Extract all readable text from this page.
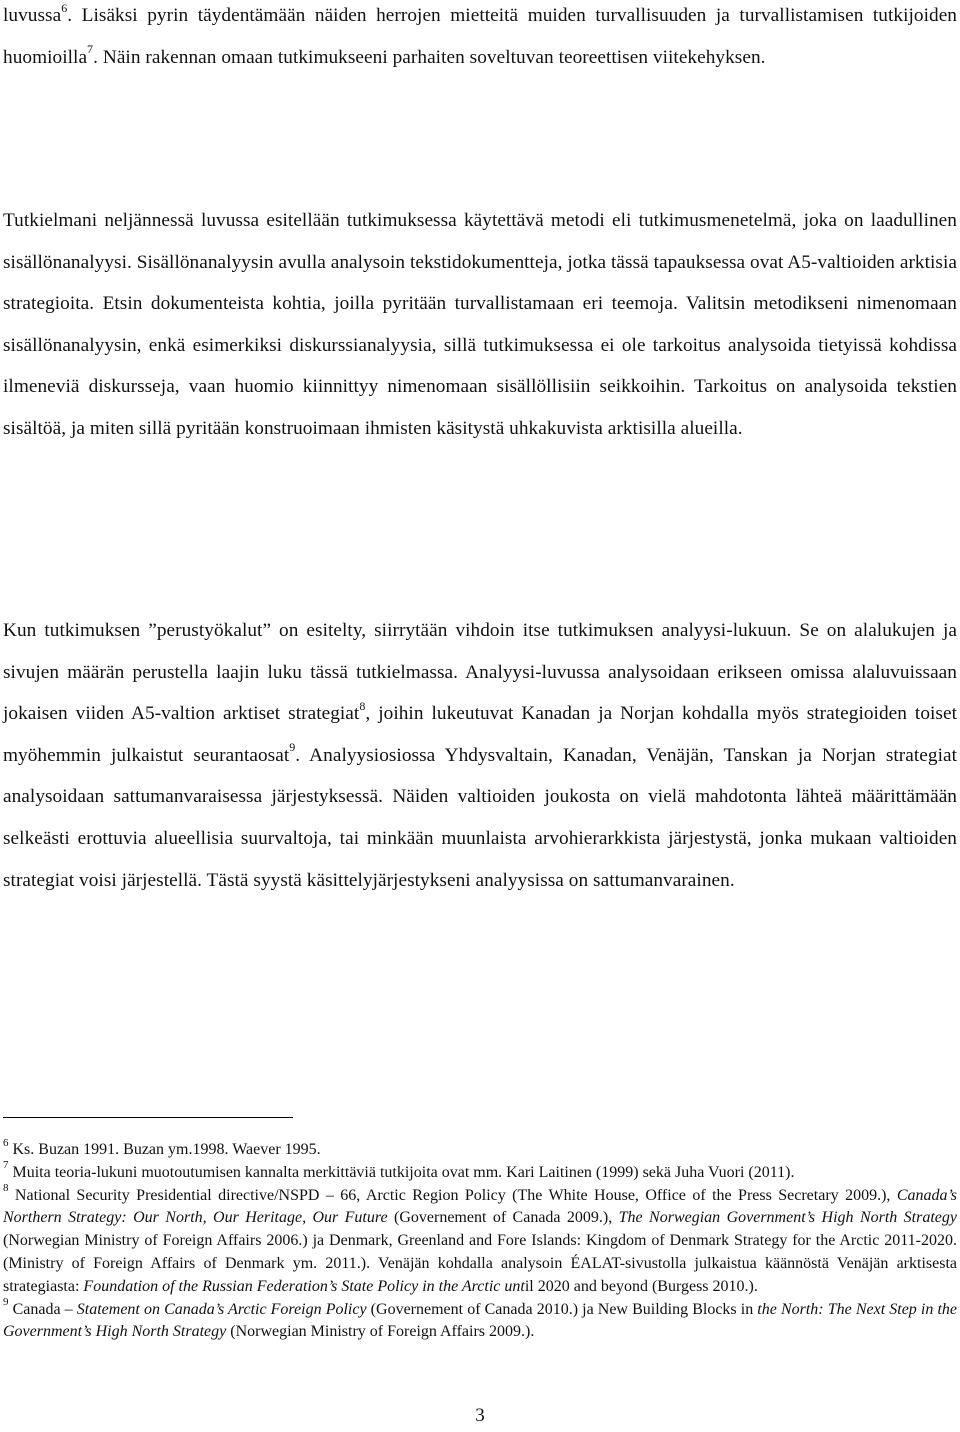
luvussa$^6$. Lisäksi pyrin täydentämään näiden herrojen mietteitä muiden turvallisuuden ja turvallistamisen tutkijoiden huomioilla$^7$. Näin rakennan omaan tutkimukseeni parhaiten soveltuvan teoreettisen viitekehyksen.
Tutkielmani neljännessä luvussa esitellään tutkimuksessa käytettävä metodi eli tutkimusmenetelmä, joka on laadullinen sisällönanalyysi. Sisällönanalyysin avulla analysoin tekstidokumentteja, jotka tässä tapauksessa ovat A5-valtioiden arktisia strategioita. Etsin dokumenteista kohtia, joilla pyritään turvallistamaan eri teemoja. Valitsin metodikseni nimenomaan sisällönanalyysin, enkä esimerkiksi diskurssianalyysia, sillä tutkimuksessa ei ole tarkoitus analysoida tietyissä kohdissa ilmeneviä diskursseja, vaan huomio kiinnittyy nimenomaan sisällöllisiin seikkoihin. Tarkoitus on analysoida tekstien sisältöä, ja miten sillä pyritään konstruoimaan ihmisten käsitystä uhkakuvista arktisilla alueilla.
Kun tutkimuksen ”perustyökalut” on esitelty, siirrytään vihdoin itse tutkimuksen analyysi-lukuun. Se on alalukujen ja sivujen määrän perustella laajin luku tässä tutkielmassa. Analyysi-luvussa analysoidaan erikseen omissa alaluvuissaan jokaisen viiden A5-valtion arktiset strategiat$^8$, joihin lukeutuvat Kanadan ja Norjan kohdalla myös strategioiden toiset myöhemmin julkaistut seurantaosat$^9$. Analyysiosiossa Yhdysvaltain, Kanadan, Venäjän, Tanskan ja Norjan strategiat analysoidaan sattumanvaraisessa järjestyksessä. Näiden valtioiden joukosta on vielä mahdotonta lähteä määrittämään selkeästi erottuvia alueellisia suurvaltoja, tai minkään muunlaista arvohierarkkista järjestystä, jonka mukaan valtioiden strategiat voisi järjestellä. Tästä syystä käsittelyjärjestykseni analyysissa on sattumanvarainen.

$^6$ Ks. Buzan 1991. Buzan ym.1998. Waever 1995.

$^7$ Muita teoria-lukuni muotoutumisen kannalta merkittäviä tutkijoita ovat mm. Kari Laitinen (1999) sekä Juha Vuori (2011).

$^8$ National Security Presidential directive/NSPD – 66, Arctic Region Policy (The White House, Office of the Press Secretary 2009.), Canada’s Northern Strategy: Our North, Our Heritage, Our Future (Governement of Canada 2009.), The Norwegian Government’s High North Strategy (Norwegian Ministry of Foreign Affairs 2006.) ja Denmark, Greenland and Fore Islands: Kingdom of Denmark Strategy for the Arctic 2011-2020.(Ministry of Foreign Affairs of Denmark ym. 2011.). Venäjän kohdalla analysoin ÉALAT-sivustolla julkaistua käännöstä Venäjän arktisesta strategiasta: Foundation of the Russian Federation’s State Policy in the Arctic until 2020 and beyond (Burgess 2010.).

$^9$ Canada – Statement on Canada’s Arctic Foreign Policy (Governement of Canada 2010.) ja New Building Blocks in the North: The Next Step in the Government’s High North Strategy (Norwegian Ministry of Foreign Affairs 2009.).

3
